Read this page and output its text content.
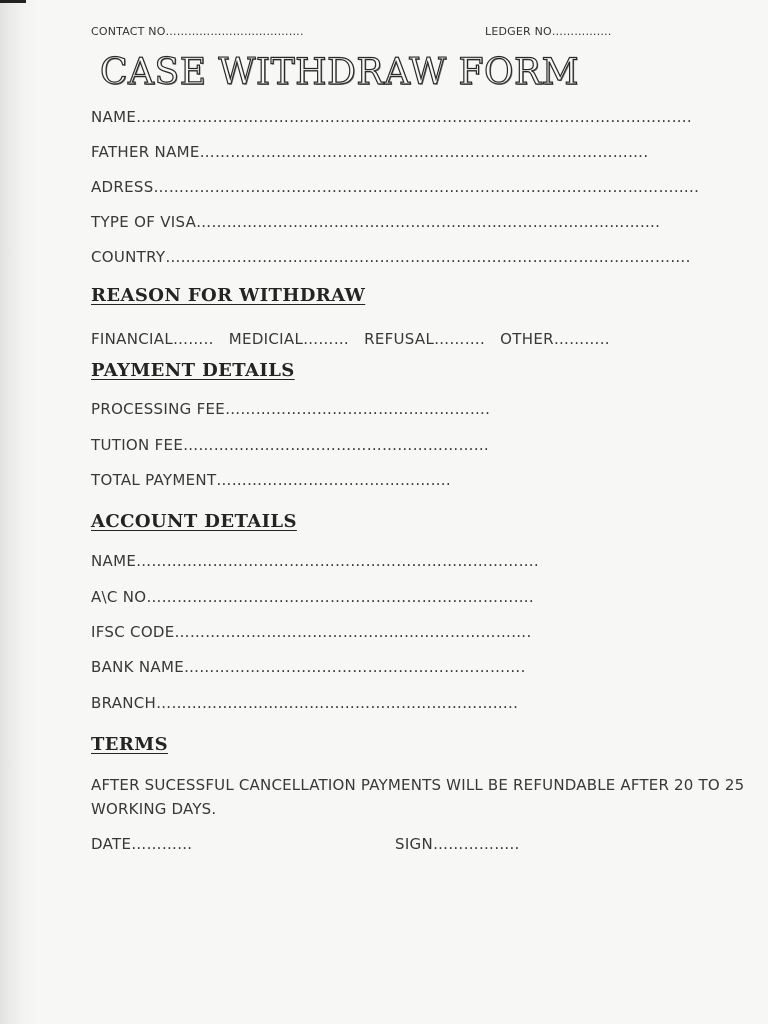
CONTACT NO……………………………….	LEDGER NO…………….
CASE WITHDRAW FORM
NAME……………………………………………………………………………………………….
FATHER NAME…………………………………………………………………………….
ADRESS……………………………………………………………………………………………..
TYPE OF VISA……………………………………………………………………………….
COUNTRY………………………………………………………………………………………….
REASON FOR WITHDRAW
FINANCIAL…….. MEDICIAL……… REFUSAL………. OTHER………..
PAYMENT DETAILS
PROCESSING FEE…………………………………………….
TUTION FEE……………………………………………………
TOTAL PAYMENT……………………………………….
ACCOUNT DETAILS
NAME…………………………………………………………………….
A\C NO………………………………………………………………….
IFSC CODE…………………………………………………………….
BANK NAME………………………………………………………….
BRANCH……………………………………………………………..
TERMS
AFTER SUCESSFUL CANCELLATION PAYMENTS WILL BE REFUNDABLE AFTER 20 TO 25 WORKING DAYS.
DATE…………	SIGN……………..
